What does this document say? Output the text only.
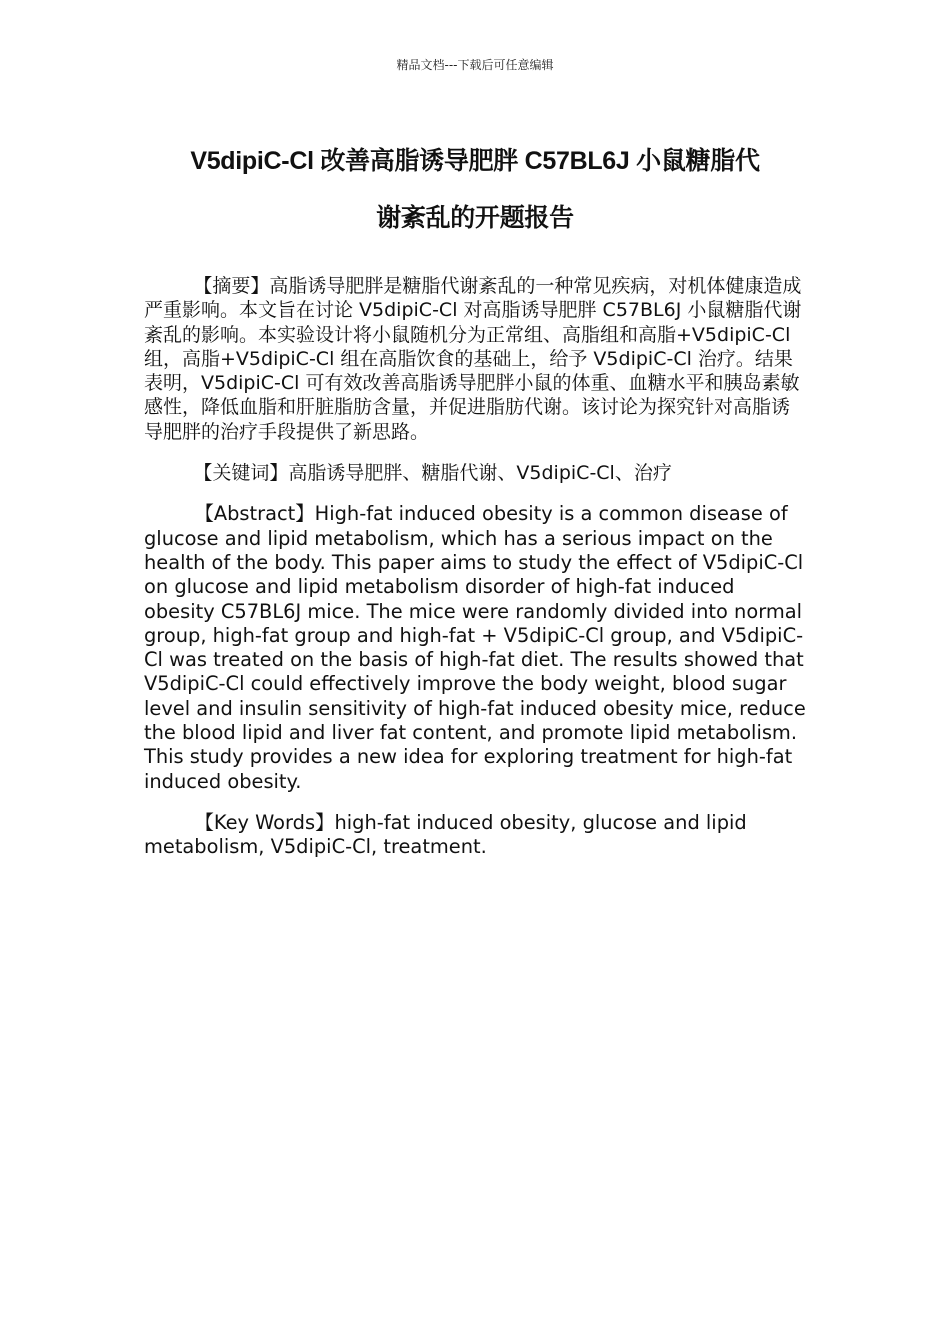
精品文档---下载后可任意编辑
V5dipiC-Cl 改善高脂诱导肥胖 C57BL6J 小鼠糖脂代
谢紊乱的开题报告

【摘要】高脂诱导肥胖是糖脂代谢紊乱的一种常见疾病，对机体健康造成严重影响。本文旨在讨论 V5dipiC-Cl 对高脂诱导肥胖 C57BL6J 小鼠糖脂代谢紊乱的影响。本实验设计将小鼠随机分为正常组、高脂组和高脂+V5dipiC-Cl 组，高脂+V5dipiC-Cl 组在高脂饮食的基础上，给予 V5dipiC-Cl 治疗。结果表明，V5dipiC-Cl 可有效改善高脂诱导肥胖小鼠的体重、血糖水平和胰岛素敏感性，降低血脂和肝脏脂肪含量，并促进脂肪代谢。该讨论为探究针对高脂诱导肥胖的治疗手段提供了新思路。

【关键词】高脂诱导肥胖、糖脂代谢、V5dipiC-Cl、治疗

【Abstract】High-fat induced obesity is a common disease of glucose and lipid metabolism, which has a serious impact on the health of the body. This paper aims to study the effect of V5dipiC-Cl on glucose and lipid metabolism disorder of high-fat induced obesity C57BL6J mice. The mice were randomly divided into normal group, high-fat group and high-fat + V5dipiC-Cl group, and V5dipiC-Cl was treated on the basis of high-fat diet. The results showed that V5dipiC-Cl could effectively improve the body weight, blood sugar level and insulin sensitivity of high-fat induced obesity mice, reduce the blood lipid and liver fat content, and promote lipid metabolism. This study provides a new idea for exploring treatment for high-fat induced obesity.

【Key Words】high-fat induced obesity, glucose and lipid metabolism, V5dipiC-Cl, treatment.
